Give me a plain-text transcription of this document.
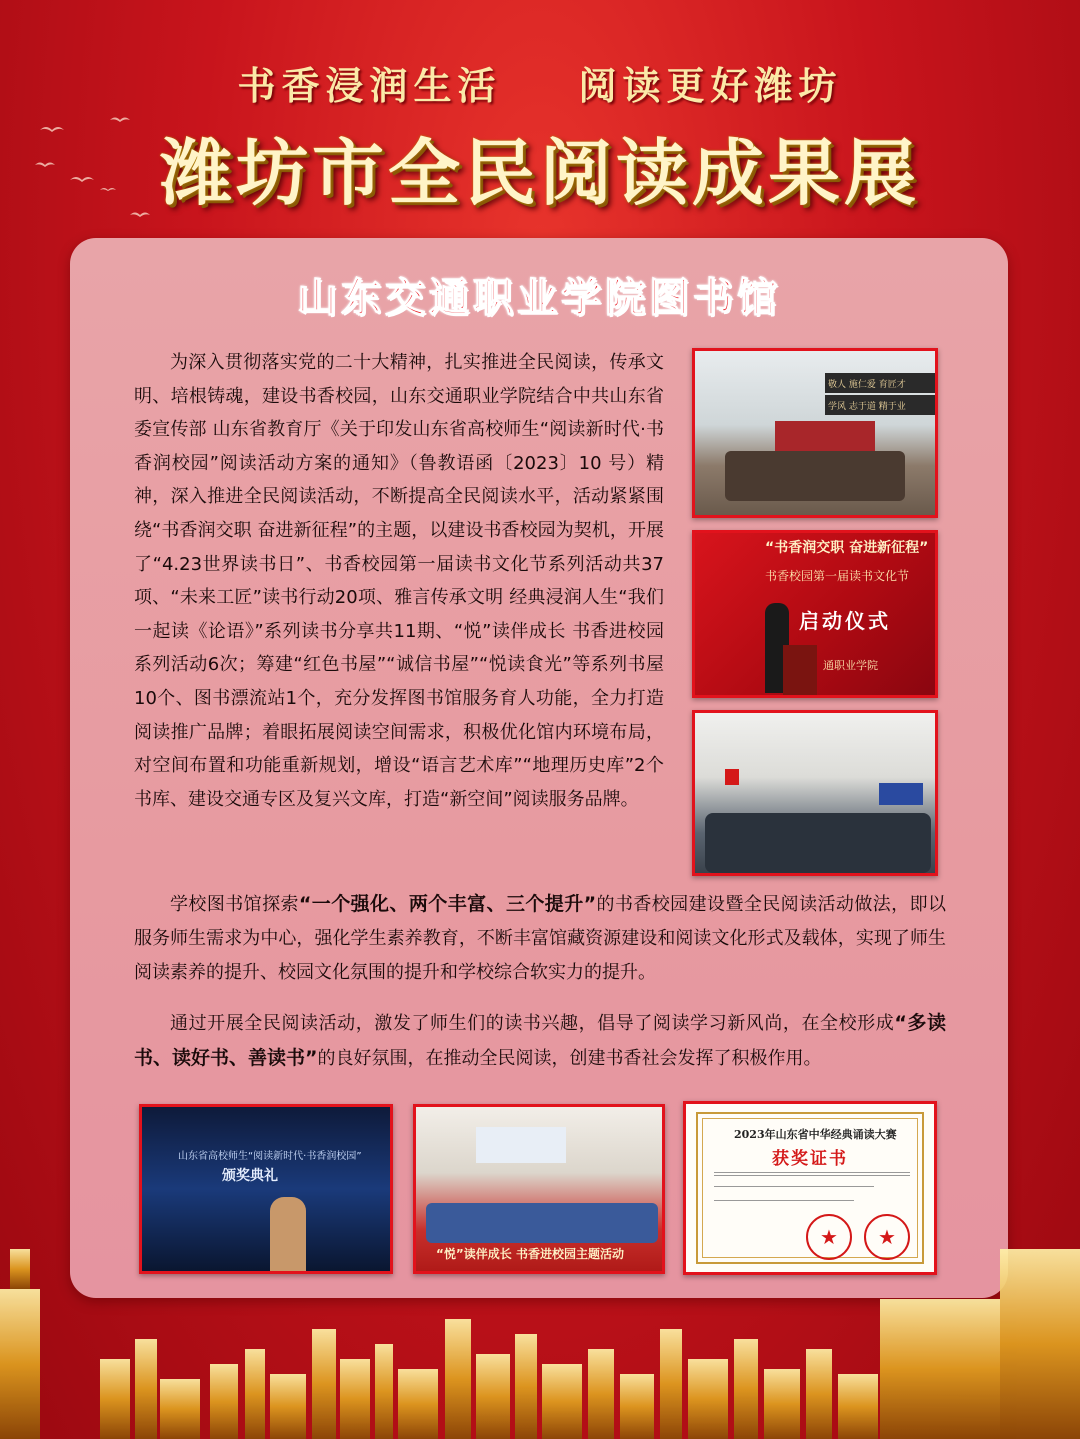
书香浸润生活    阅读更好潍坊
潍坊市全民阅读成果展
山东交通职业学院图书馆

为深入贯彻落实党的二十大精神，扎实推进全民阅读，传承文明、培根铸魂，建设书香校园，山东交通职业学院结合中共山东省委宣传部 山东省教育厅《关于印发山东省高校师生“阅读新时代·书香润校园”阅读活动方案的通知》（鲁教语函〔2023〕10 号）精神，深入推进全民阅读活动，不断提高全民阅读水平，活动紧紧围绕“书香润交职 奋进新征程”的主题，以建设书香校园为契机，开展了“4.23世界读书日”、书香校园第一届读书文化节系列活动共37项、“未来工匠”读书行动20项、雅言传承文明 经典浸润人生“我们一起读《论语》”系列读书分享共11期、“悦”读伴成长 书香进校园系列活动6次；筹建“红色书屋”“诚信书屋”“悦读食光”等系列书屋10个、图书漂流站1个，充分发挥图书馆服务育人功能，全力打造阅读推广品牌；着眼拓展阅读空间需求，积极优化馆内环境布局，对空间布置和功能重新规划，增设“语言艺术库”“地理历史库”2个书库、建设交通专区及复兴文库，打造“新空间”阅读服务品牌。

学校图书馆探索“一个强化、两个丰富、三个提升”的书香校园建设暨全民阅读活动做法，即以服务师生需求为中心，强化学生素养教育，不断丰富馆藏资源建设和阅读文化形式及载体，实现了师生阅读素养的提升、校园文化氛围的提升和学校综合软实力的提升。

通过开展全民阅读活动，激发了师生们的读书兴趣，倡导了阅读学习新风尚，在全校形成“多读书、读好书、善读书”的良好氛围，在推动全民阅读，创建书香社会发挥了积极作用。

敬人 施仁爱 育匠才
学风 志于道 精于业
“书香润交职 奋进新征程”
书香校园第一届读书文化节
启动仪式
通职业学院
山东省高校师生“阅读新时代·书香润校园”
颁奖典礼
“悦”读伴成长 书香进校园主题活动
2023年山东省中华经典诵读大赛
获奖证书
★	★
